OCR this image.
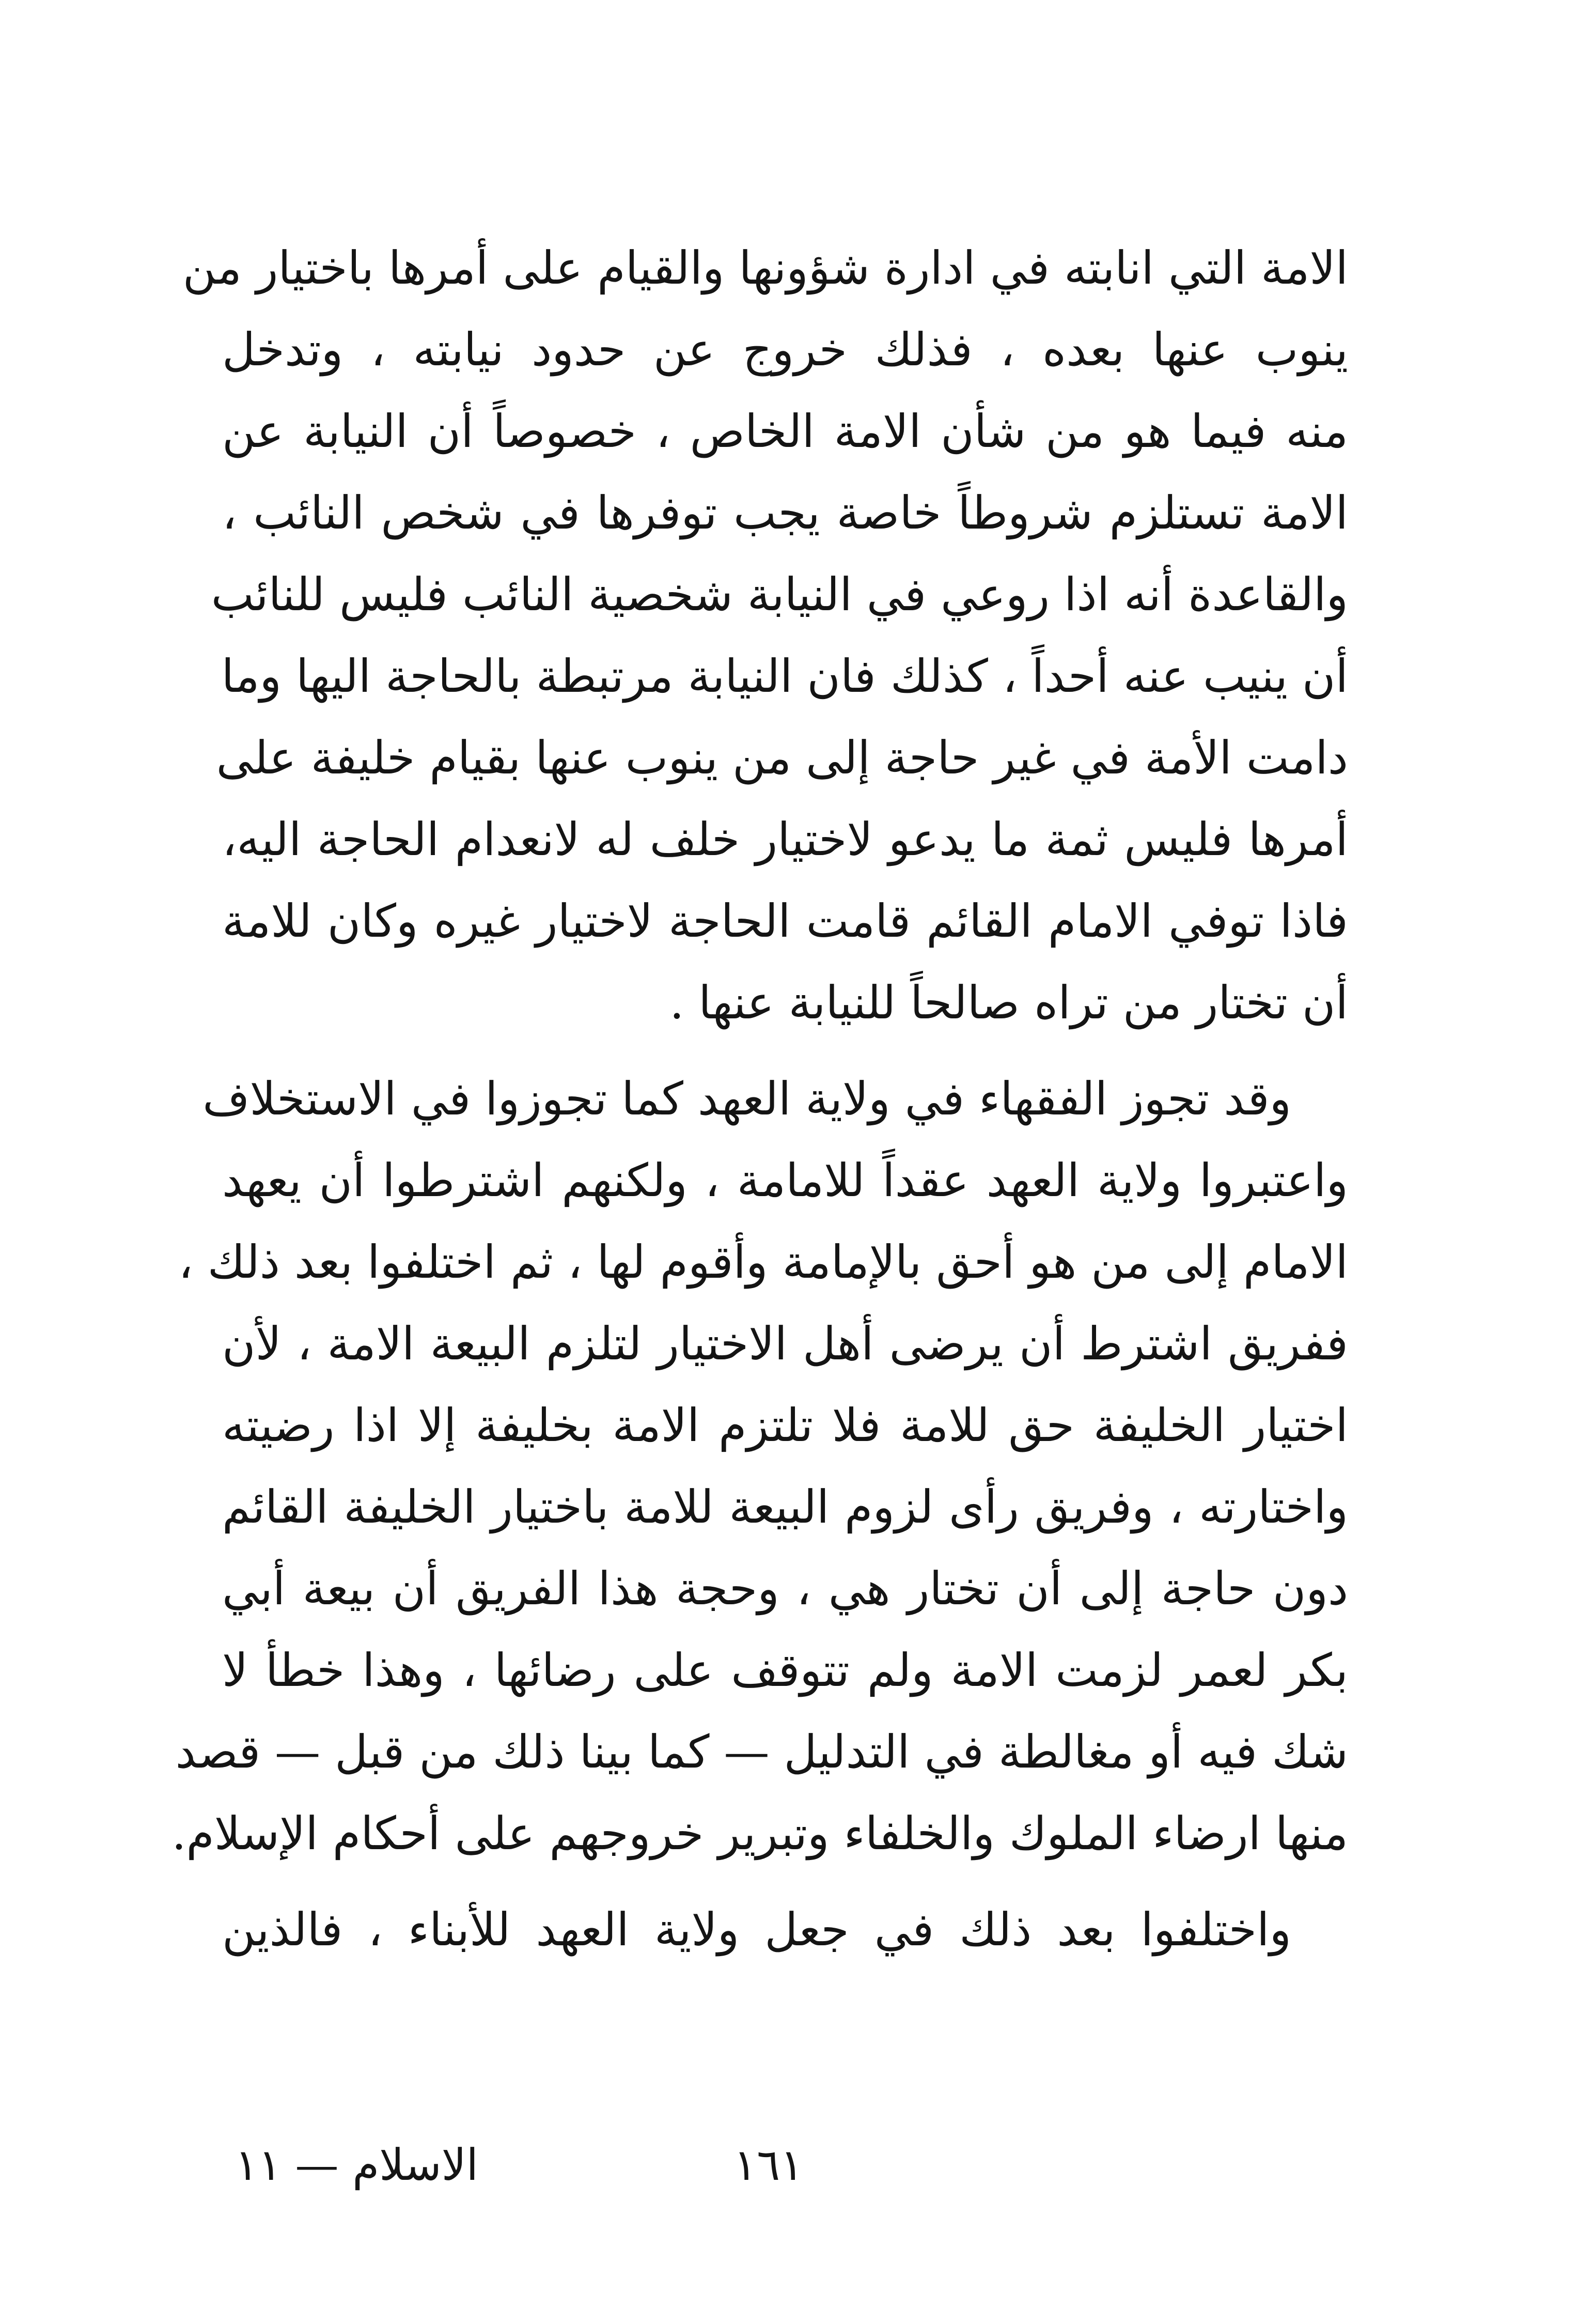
الامة التي انابته في ادارة شؤونها والقيام على أمرها باختيار من
ينوب عنها بعده ، فذلك خروج عن حدود نيابته ، وتدخل
منه فيما هو من شأن الامة الخاص ، خصوصاً أن النيابة عن
الامة تستلزم شروطاً خاصة يجب توفرها في شخص النائب ،
والقاعدة أنه اذا روعي في النيابة شخصية النائب فليس للنائب
أن ينيب عنه أحداً ، كذلك فان النيابة مرتبطة بالحاجة اليها وما
دامت الأمة في غير حاجة إلى من ينوب عنها بقيام خليفة على
أمرها فليس ثمة ما يدعو لاختيار خلف له لانعدام الحاجة اليه،
فاذا توفي الامام القائم قامت الحاجة لاختيار غيره وكان للامة
أن تختار من تراه صالحاً للنيابة عنها .
وقد تجوز الفقهاء في ولاية العهد كما تجوزوا في الاستخلاف
واعتبروا ولاية العهد عقداً للامامة ، ولكنهم اشترطوا أن يعهد
الامام إلى من هو أحق بالإمامة وأقوم لها ، ثم اختلفوا بعد ذلك ،
ففريق اشترط أن يرضى أهل الاختيار لتلزم البيعة الامة ، لأن
اختيار الخليفة حق للامة فلا تلتزم الامة بخليفة إلا اذا رضيته
واختارته ، وفريق رأى لزوم البيعة للامة باختيار الخليفة القائم
دون حاجة إلى أن تختار هي ، وحجة هذا الفريق أن بيعة أبي
بكر لعمر لزمت الامة ولم تتوقف على رضائها ، وهذا خطأ لا
شك فيه أو مغالطة في التدليل — كما بينا ذلك من قبل — قصد
منها ارضاء الملوك والخلفاء وتبرير خروجهم على أحكام الإسلام.
واختلفوا بعد ذلك في جعل ولاية العهد للأبناء ، فالذين
الاسلام — ١١	١٦١
